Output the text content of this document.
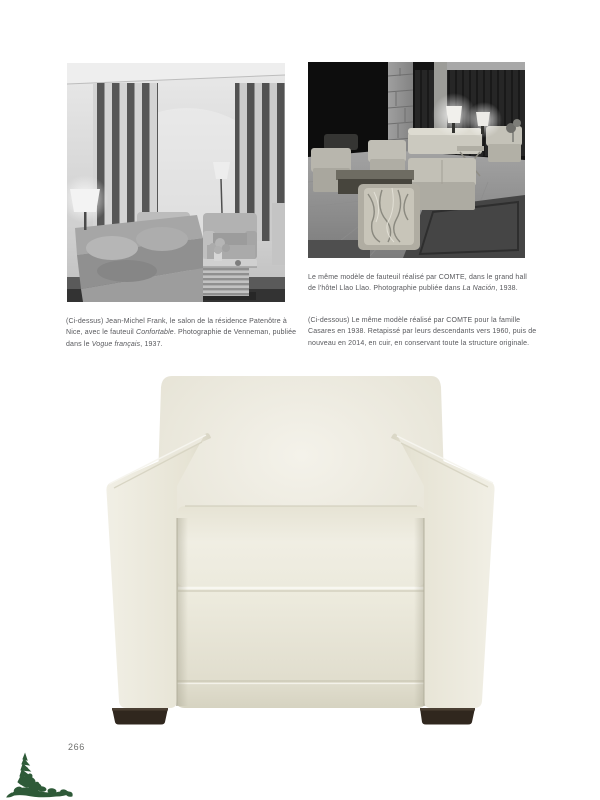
(Ci-dessus) Jean-Michel Frank, le salon de la résidence Patenôtre à
Nice, avec le fauteuil Confortable. Photographie de Venneman, publiée
dans le Vogue français, 1937.
Le même modèle de fauteuil réalisé par COMTE, dans le grand hall
de l'hôtel Llao Llao. Photographie publiée dans La Nación, 1938.
(Ci-dessous) Le même modèle réalisé par COMTE pour la famille
Casares en 1938. Retapissé par leurs descendants vers 1960, puis de
nouveau en 2014, en cuir, en conservant toute la structure originale.
266
